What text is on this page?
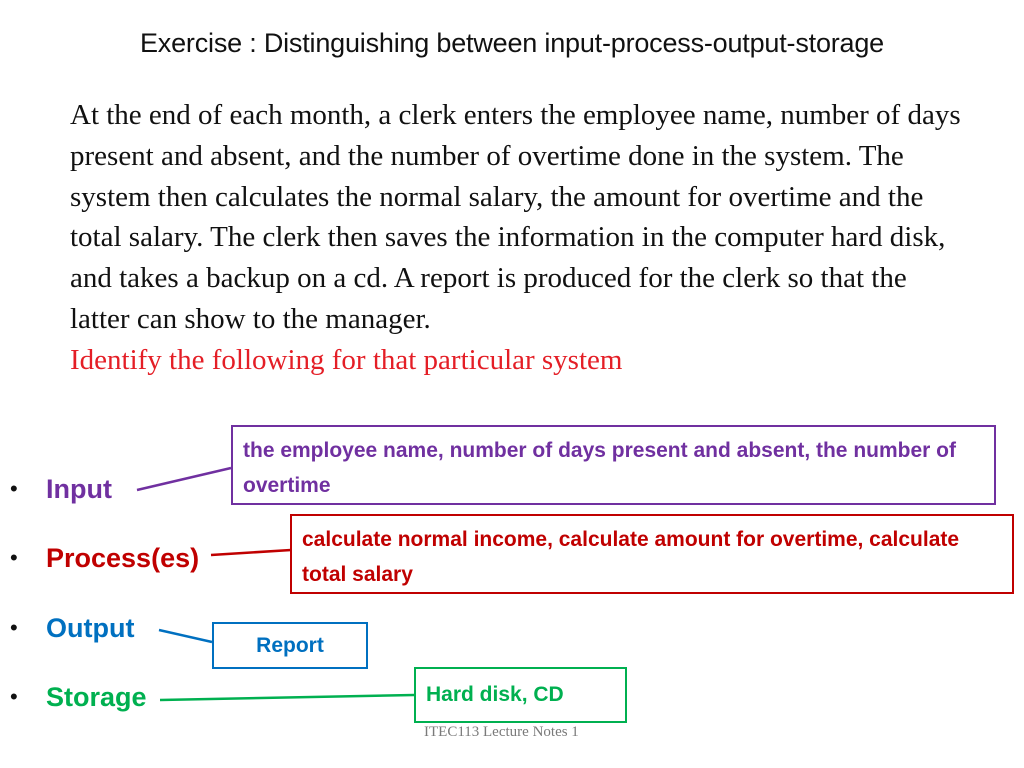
Exercise : Distinguishing between input-process-output-storage

At the end of each month, a clerk enters the employee name, number of days present and absent, and the number of overtime done in the system. The system then calculates the normal salary, the amount for overtime and the total salary. The clerk then saves the information in the computer hard disk, and takes a backup on a cd. A report is produced for the clerk so that the latter can show to the manager.

Identify the following for that particular system

•	Input
•	Process(es)
•	Output
•	Storage
the employee name, number of days present and absent, the number of overtime
calculate normal income, calculate amount for overtime, calculate total salary
Report
Hard disk, CD
ITEC113 Lecture Notes 1
